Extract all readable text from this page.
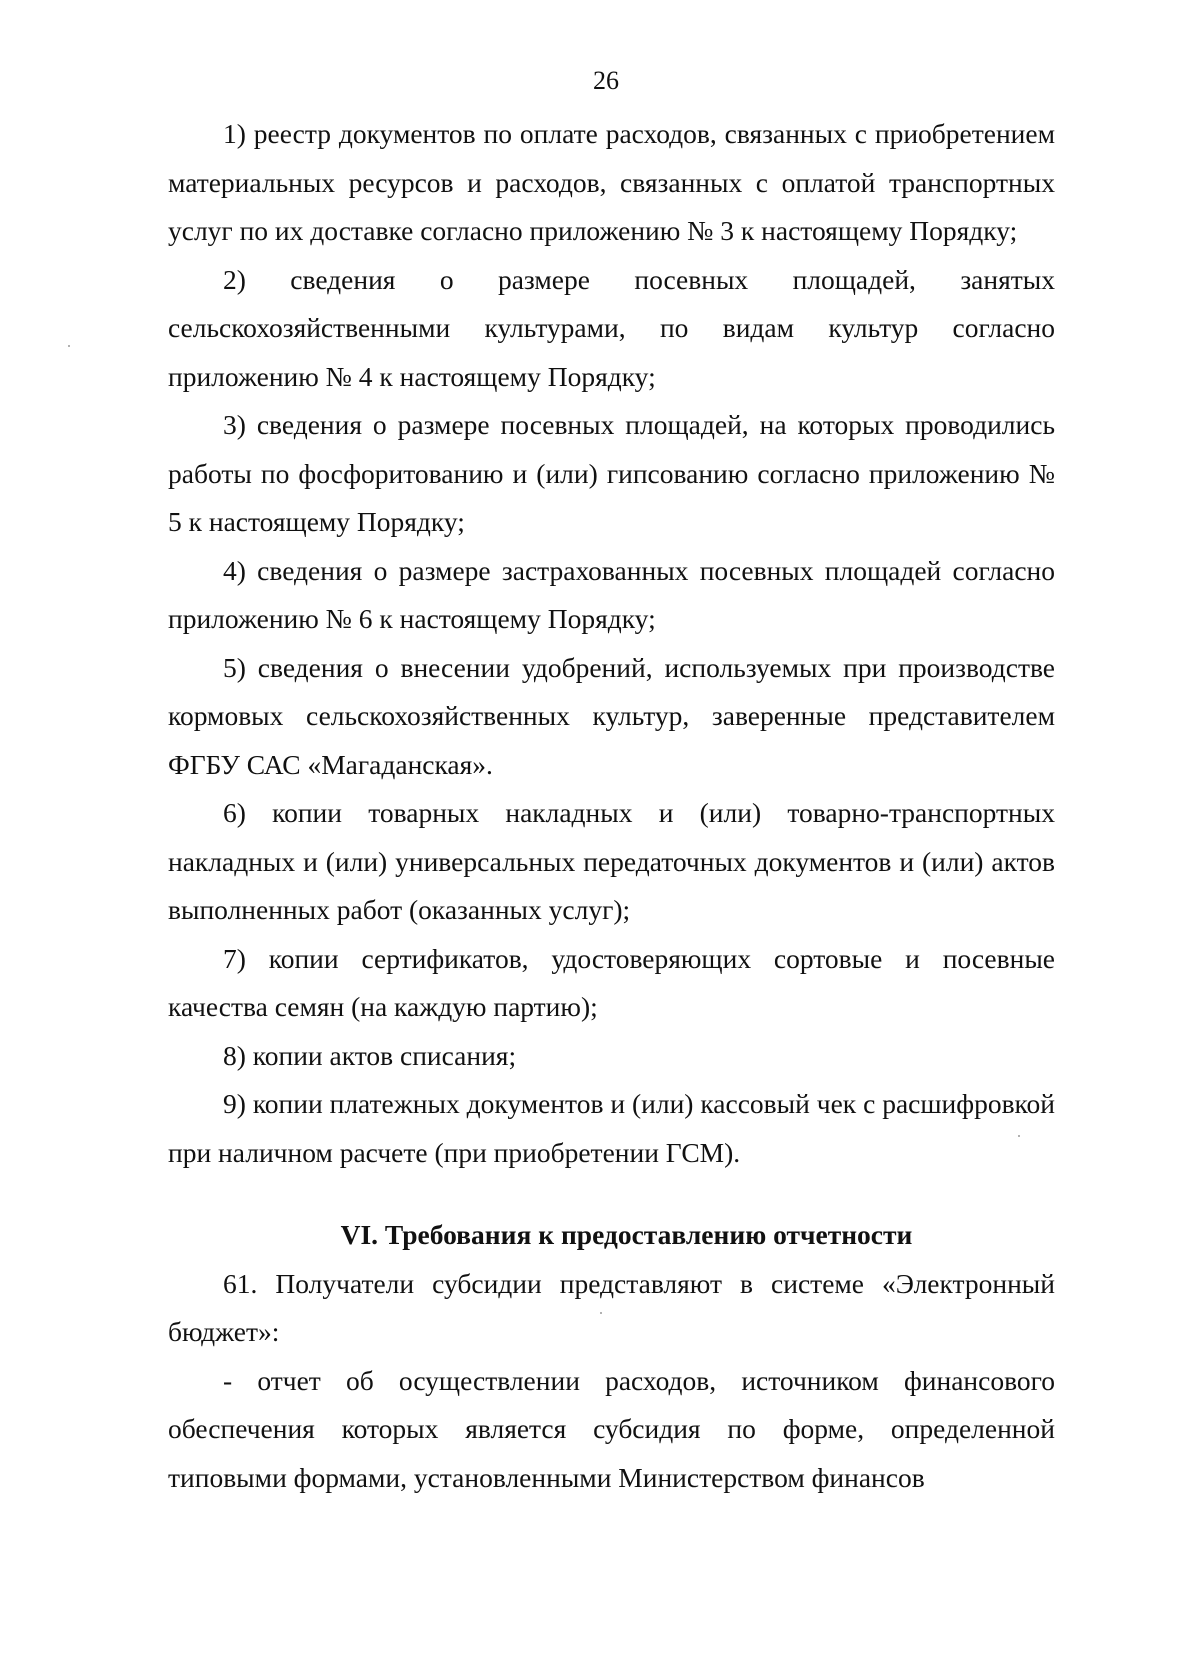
26

1) реестр документов по оплате расходов, связанных с приобретением материальных ресурсов и расходов, связанных с оплатой транспортных услуг по их доставке согласно приложению № 3 к настоящему Порядку;

2) сведения о размере посевных площадей, занятых сельскохозяйственными культурами, по видам культур согласно приложению № 4 к настоящему Порядку;

3) сведения о размере посевных площадей, на которых проводились работы по фосфоритованию и (или) гипсованию согласно приложению № 5 к настоящему Порядку;

4) сведения о размере застрахованных посевных площадей согласно приложению № 6 к настоящему Порядку;

5) сведения о внесении удобрений, используемых при производстве кормовых сельскохозяйственных культур, заверенные представителем ФГБУ САС «Магаданская».

6) копии товарных накладных и (или) товарно-транспортных накладных и (или) универсальных передаточных документов и (или) актов выполненных работ (оказанных услуг);

7) копии сертификатов, удостоверяющих сортовые и посевные качества семян (на каждую партию);

8) копии актов списания;

9) копии платежных документов и (или) кассовый чек с расшифровкой при наличном расчете (при приобретении ГСМ).

VI. Требования к предоставлению отчетности

61. Получатели субсидии представляют в системе «Электронный бюджет»:

- отчет об осуществлении расходов, источником финансового обеспечения которых является субсидия по форме, определенной типовыми формами, установленными Министерством финансов
